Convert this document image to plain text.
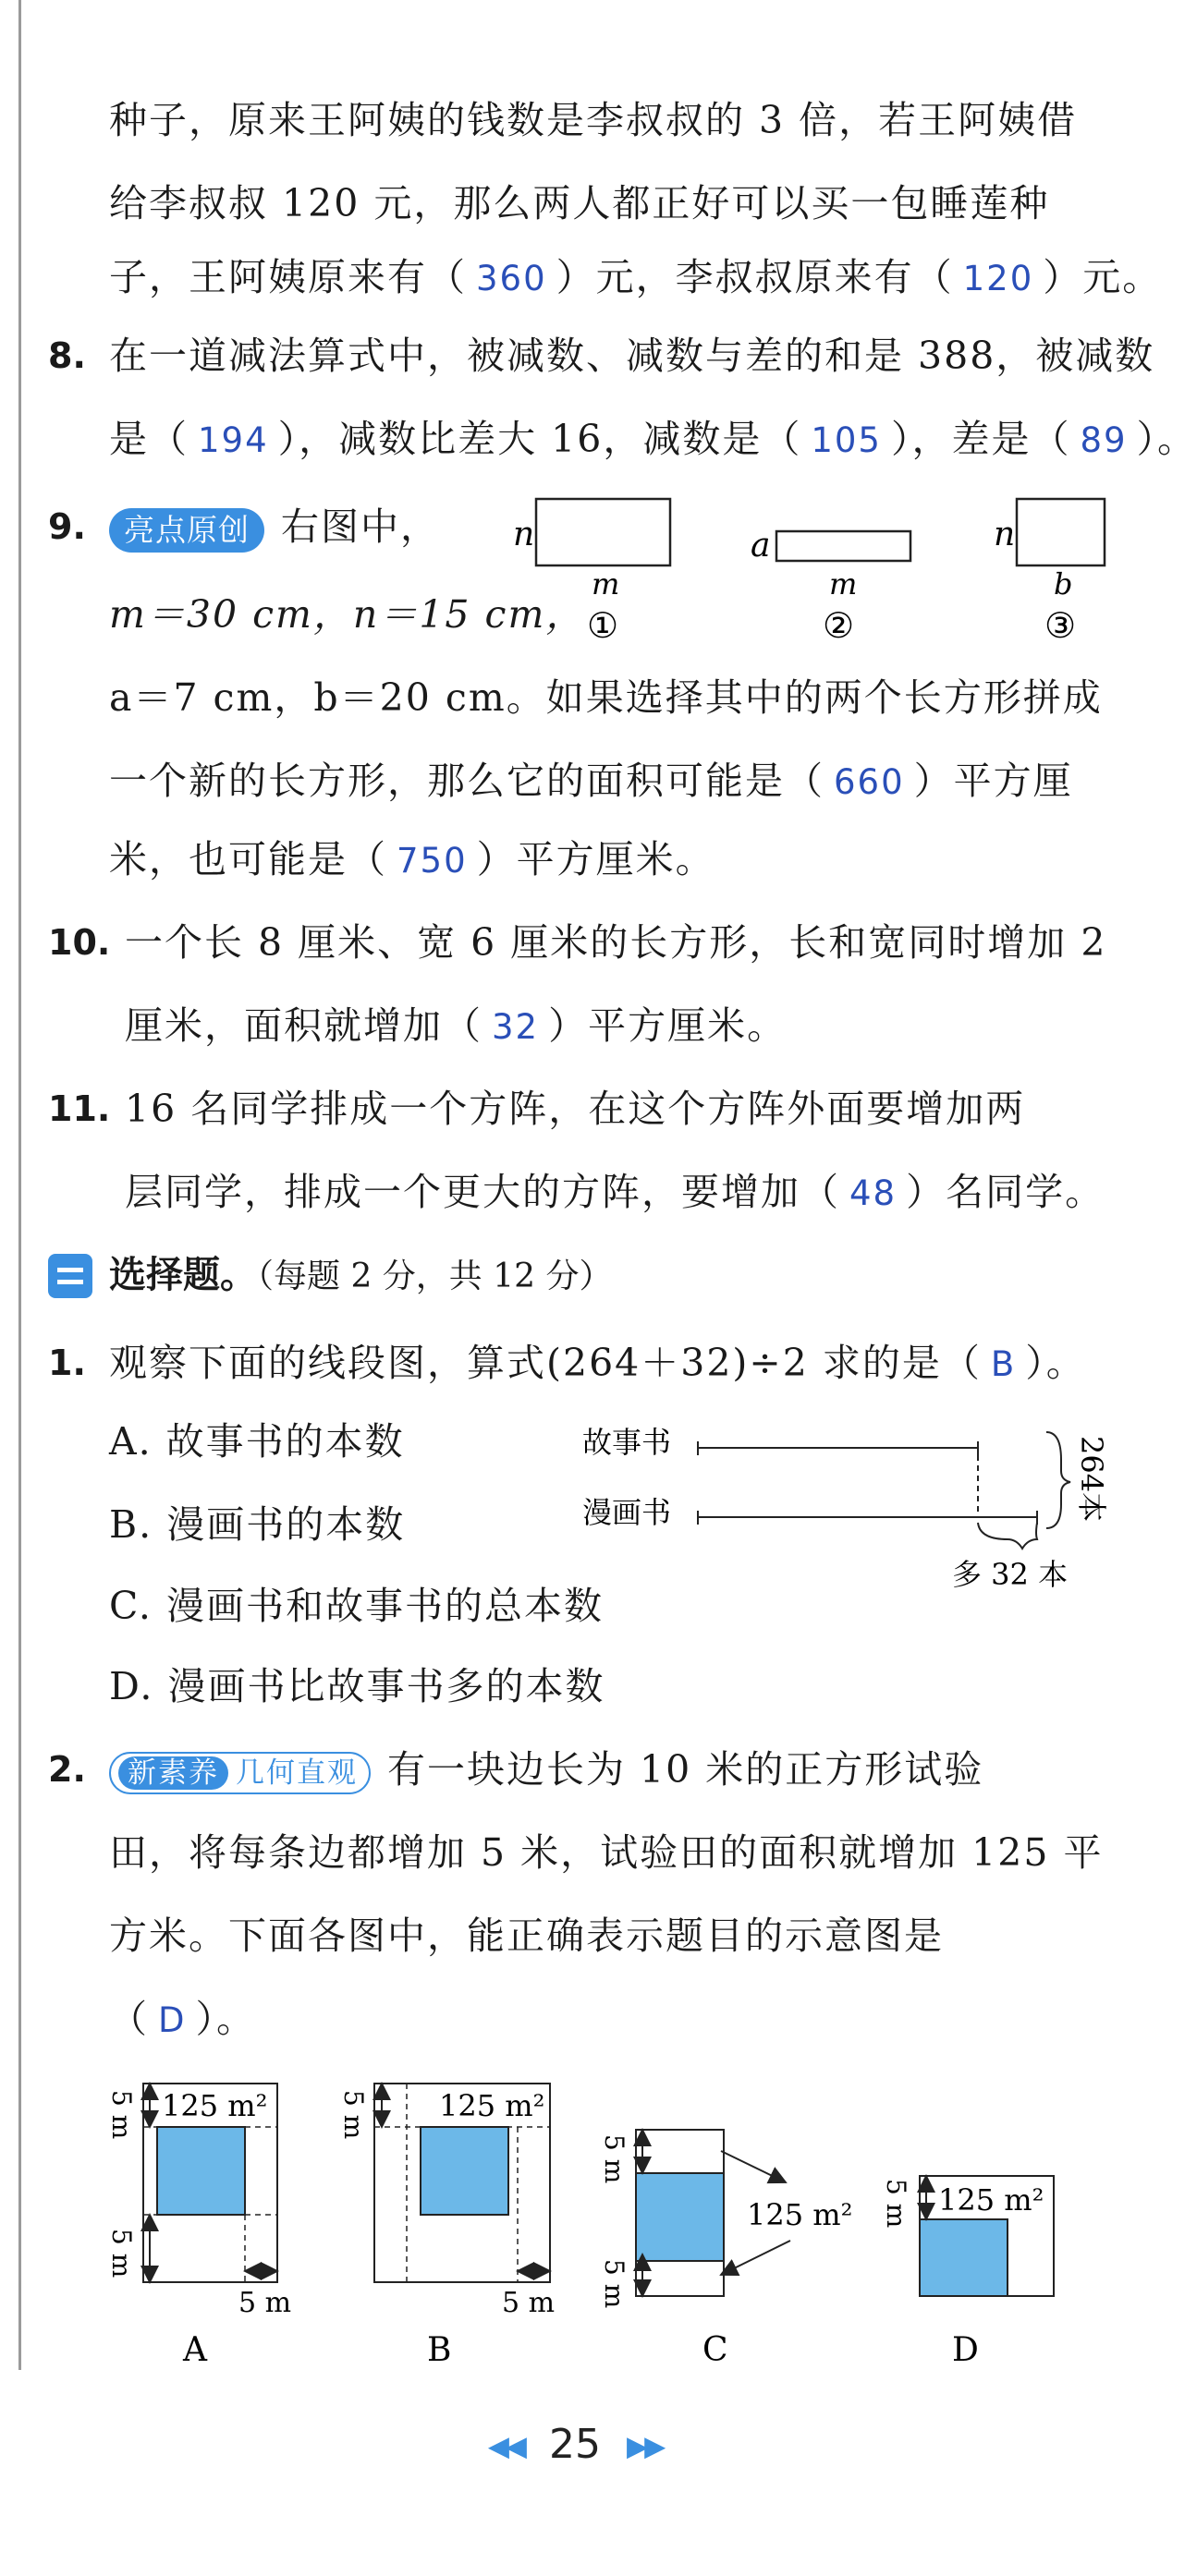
种子，原来王阿姨的钱数是李叔叔的 3 倍，若王阿姨借
给李叔叔 120 元，那么两人都正好可以买一包睡莲种
子，王阿姨原来有（ 360 ）元，李叔叔原来有（ 120 ）元。
8. 在一道减法算式中，被减数、减数与差的和是 388，被减数
是（ 194 ），减数比差大 16，减数是（ 105 ），差是（ 89 ）。
9.	亮点原创 右图中， n
m
①
a
m
②
n
b
③
m＝30 cm，n＝15 cm，
a＝7 cm，b＝20 cm。如果选择其中的两个长方形拼成
一个新的长方形，那么它的面积可能是（ 660 ）平方厘
米，也可能是（ 750 ）平方厘米。
10. 一个长 8 厘米、宽 6 厘米的长方形，长和宽同时增加 2
厘米，面积就增加（ 32 ）平方厘米。
11. 16 名同学排成一个方阵，在这个方阵外面要增加两
层同学，排成一个更大的方阵，要增加（ 48 ）名同学。
选择题。（每题 2 分，共 12 分）
1. 观察下面的线段图，算式(264＋32)÷2 求的是（ B ）。
A. 故事书的本数
B. 漫画书的本数
C. 漫画书和故事书的总本数
D. 漫画书比故事书多的本数
故事书
漫画书	264本
多 32 本
2.	新素养 几何直观 有一块边长为 10 米的正方形试验
田，将每条边都增加 5 米，试验田的面积就增加 125 平
方米。下面各图中，能正确表示题目的示意图是
（ D ）。
125 m²
5 m
5 m
5 m
A
125 m²
5 m
5 m
B
125 m²
5 m
5 m
C
125 m²
5 m
D
◀◀ 25 ▶▶
